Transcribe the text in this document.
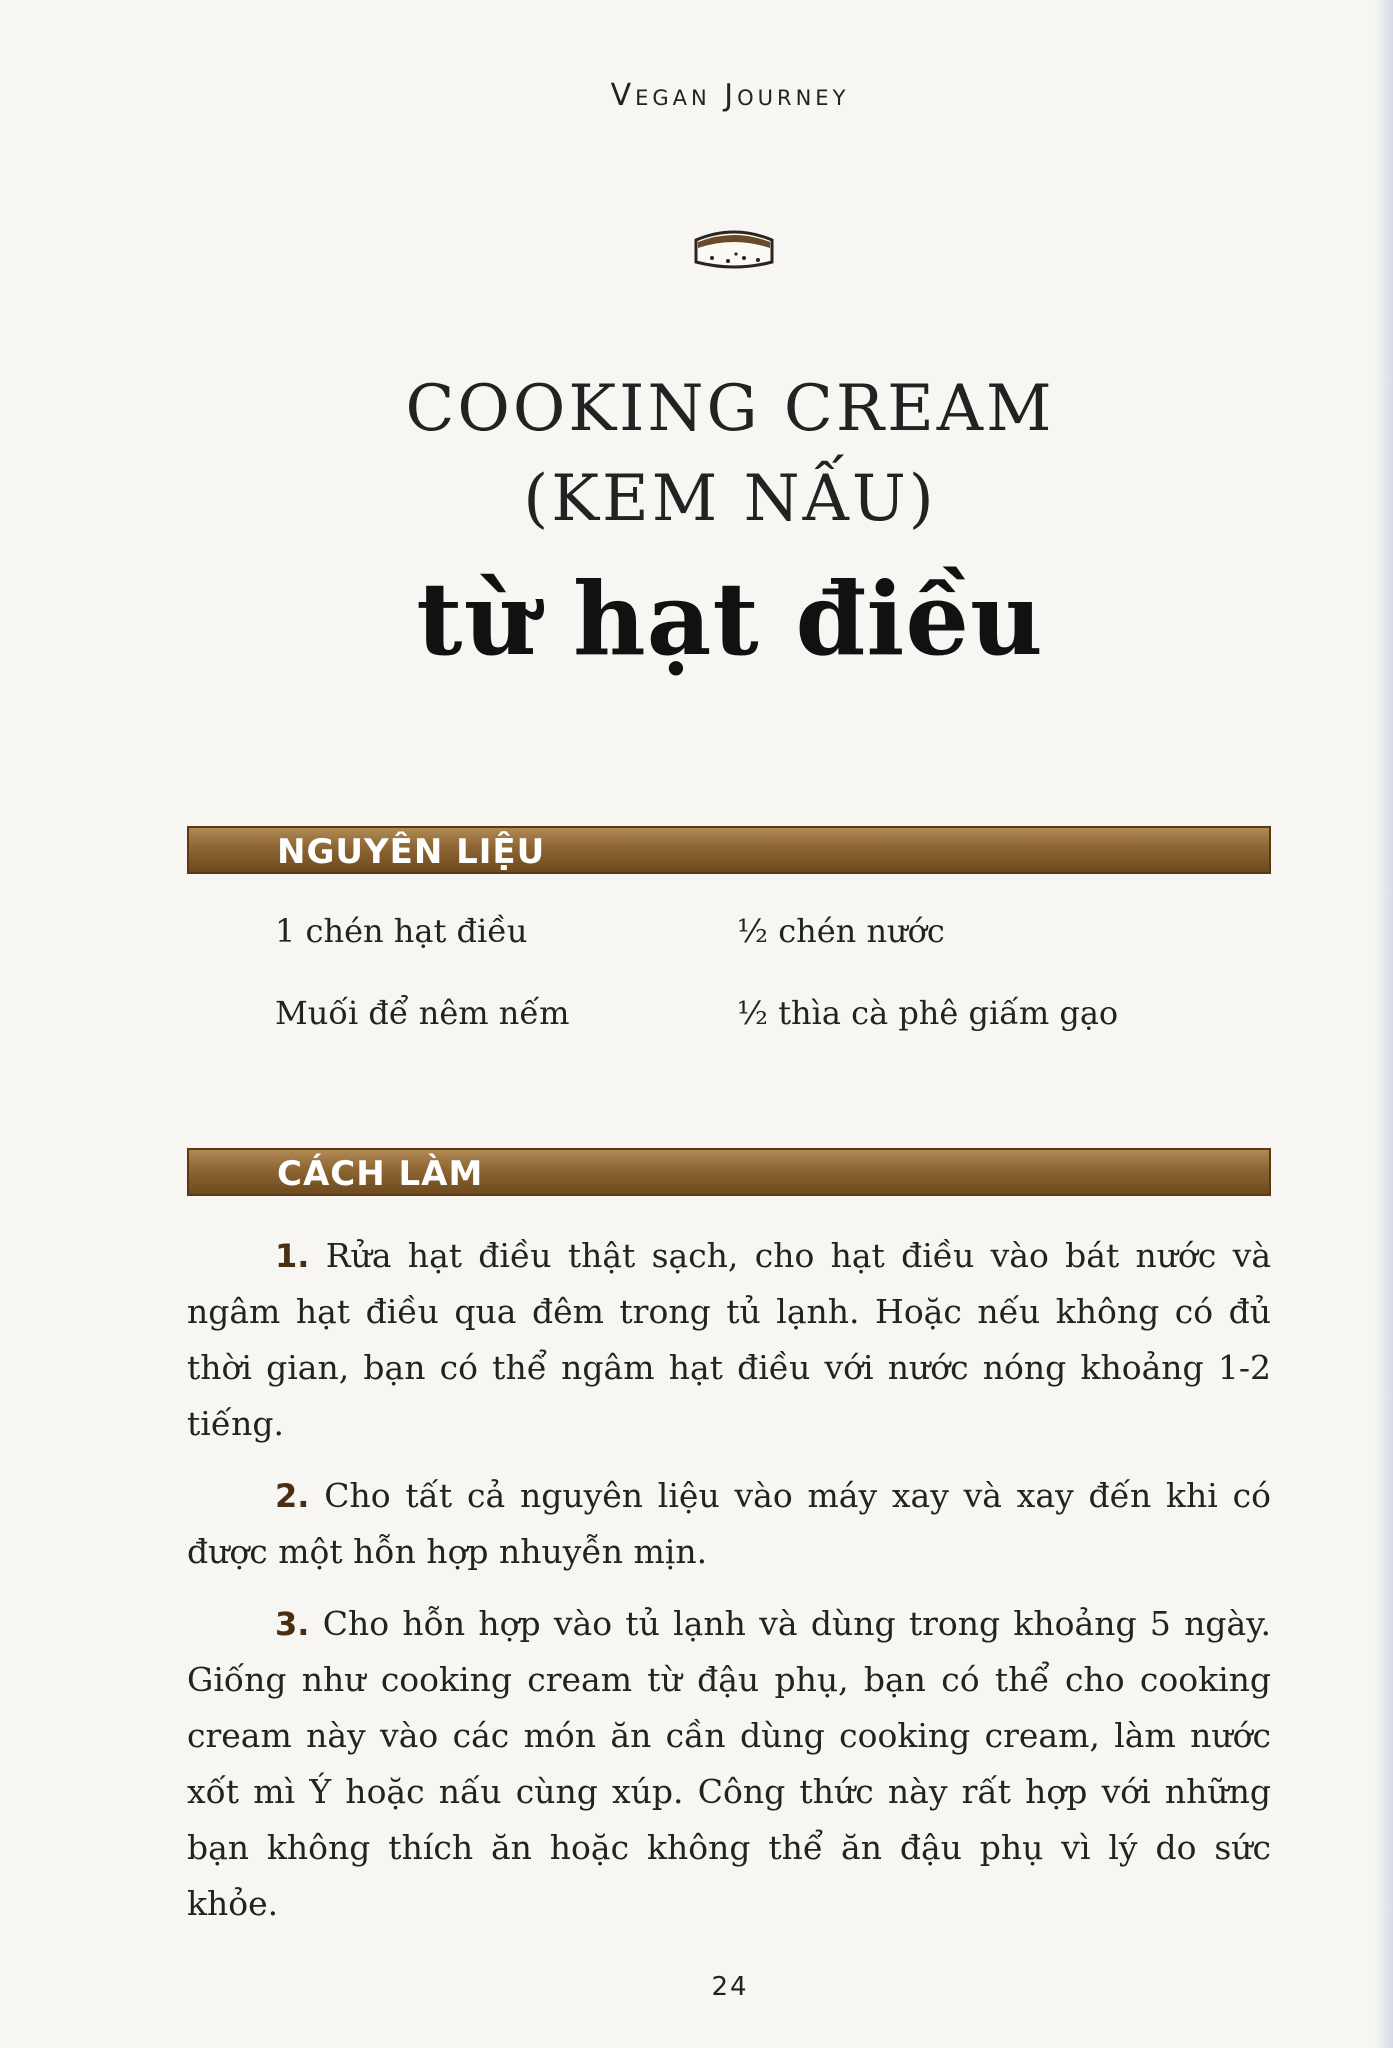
Vegan Journey
COOKING CREAM
(KEM NẤU)
từ hạt điều
NGUYÊN LIỆU
1 chén hạt điều	½ chén nước
Muối để nêm nếm	½ thìa cà phê giấm gạo
CÁCH LÀM

1. Rửa hạt điều thật sạch, cho hạt điều vào bát nước và ngâm hạt điều qua đêm trong tủ lạnh. Hoặc nếu không có đủ thời gian, bạn có thể ngâm hạt điều với nước nóng khoảng 1-2 tiếng.

2. Cho tất cả nguyên liệu vào máy xay và xay đến khi có được một hỗn hợp nhuyễn mịn.

3. Cho hỗn hợp vào tủ lạnh và dùng trong khoảng 5 ngày. Giống như cooking cream từ đậu phụ, bạn có thể cho cooking cream này vào các món ăn cần dùng cooking cream, làm nước xốt mì Ý hoặc nấu cùng xúp. Công thức này rất hợp với những bạn không thích ăn hoặc không thể ăn đậu phụ vì lý do sức khỏe.

24
